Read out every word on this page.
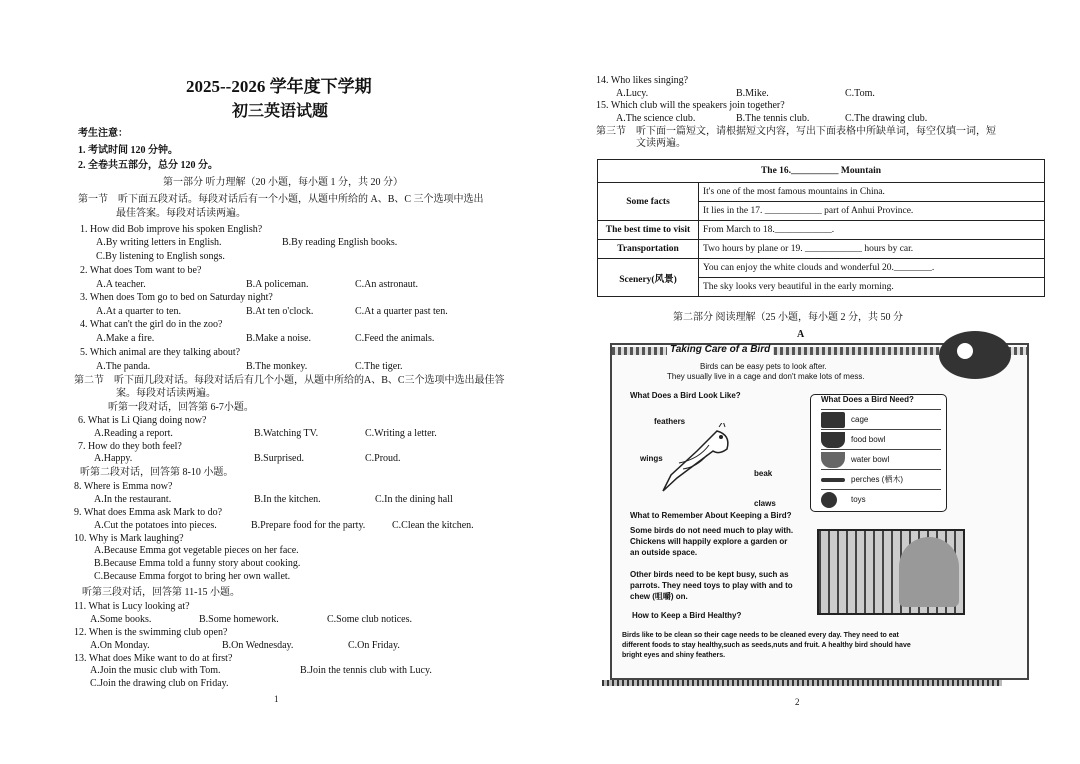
2025--2026 学年度下学期
初三英语试题
考生注意：
1. 考试时间 120 分钟。
2. 全卷共五部分，总分 120 分。
第一部分 听力理解（20 小题，每小题 1 分，共 20 分）
第一节　听下面五段对话。每段对话后有一个小题，从题中所给的 A、B、C 三个选项中选出
最佳答案。每段对话读两遍。
1. How did Bob improve his spoken English?
A.By writing letters in English.	B.By reading English books.
C.By listening to English songs.
2. What does Tom want to be?
A.A teacher.	B.A policeman.	C.An astronaut.
3. When does Tom go to bed on Saturday night?
A.At a quarter to ten.	B.At ten o'clock.	C.At a quarter past ten.
4. What can't the girl do in the zoo?
A.Make a fire.	B.Make a noise.	C.Feed the animals.
5. Which animal are they talking about?
A.The panda.	B.The monkey.	C.The tiger.
第二节　听下面几段对话。每段对话后有几个小题，从题中所给的A、B、C三个选项中选出最佳答
案。每段对话读两遍。
听第一段对话，回答第 6-7小题。
6. What is Li Qiang doing now?
A.Reading a report.	B.Watching TV.	C.Writing a letter.
7. How do they both feel?
A.Happy.	B.Surprised.	C.Proud.
听第二段对话，回答第 8-10 小题。
8. Where is Emma now?
A.In the restaurant.	B.In the kitchen.	C.In the dining hall
9. What does Emma ask Mark to do?
A.Cut the potatoes into pieces.	B.Prepare food for the party.	C.Clean the kitchen.
10. Why is Mark laughing?
A.Because Emma got vegetable pieces on her face.
B.Because Emma told a funny story about cooking.
C.Because Emma forgot to bring her own wallet.
听第三段对话，回答第 11-15 小题。
11. What is Lucy looking at?
A.Some books.	B.Some homework.	C.Some club notices.
12. When is the swimming club open?
A.On Monday.	B.On Wednesday.	C.On Friday.
13. What does Mike want to do at first?
A.Join the music club with Tom.	B.Join the tennis club with Lucy.
C.Join the drawing club on Friday.
1
14. Who likes singing?
A.Lucy.	B.Mike.	C.Tom.
15. Which club will the speakers join together?
A.The science club.	B.The tennis club.	C.The drawing club.
第三节　听下面一篇短文，请根据短文内容，写出下面表格中所缺单词，每空仅填一词，短
文读两遍。
The 16.__________ Mountain	
Some facts	It's one of the most famous mountains in China.
	It lies in the 17. ____________ part of Anhui Province.
The best time to visit	From March to 18.____________.
Transportation	Two hours by plane or 19. ____________ hours by car.
Scenery(风景)	You can enjoy the white clouds and wonderful 20.________.
	The sky looks very beautiful in the early morning.
第二部分 阅读理解（25 小题，每小题 2 分，共 50 分
A
Taking Care of a Bird
Birds can be easy pets to look after.
They usually live in a cage and don't make lots of mess.
What Does a Bird Look Like?
feathers
wings
beak
claws
What Does a Bird Need?
cage
food bowl
water bowl
perches (栖木)
toys
What to Remember About Keeping a Bird?
Some birds do not need much to play with.
Chickens will happily explore a garden or
an outside space.
Other birds need to be kept busy, such as
parrots. They need toys to play with and to
chew (咀嚼) on.
How to Keep a Bird Healthy?
Birds like to be clean so their cage needs to be cleaned every day. They need to eat
different foods to stay healthy,such as seeds,nuts and fruit. A healthy bird should have
bright eyes and shiny feathers.
2
